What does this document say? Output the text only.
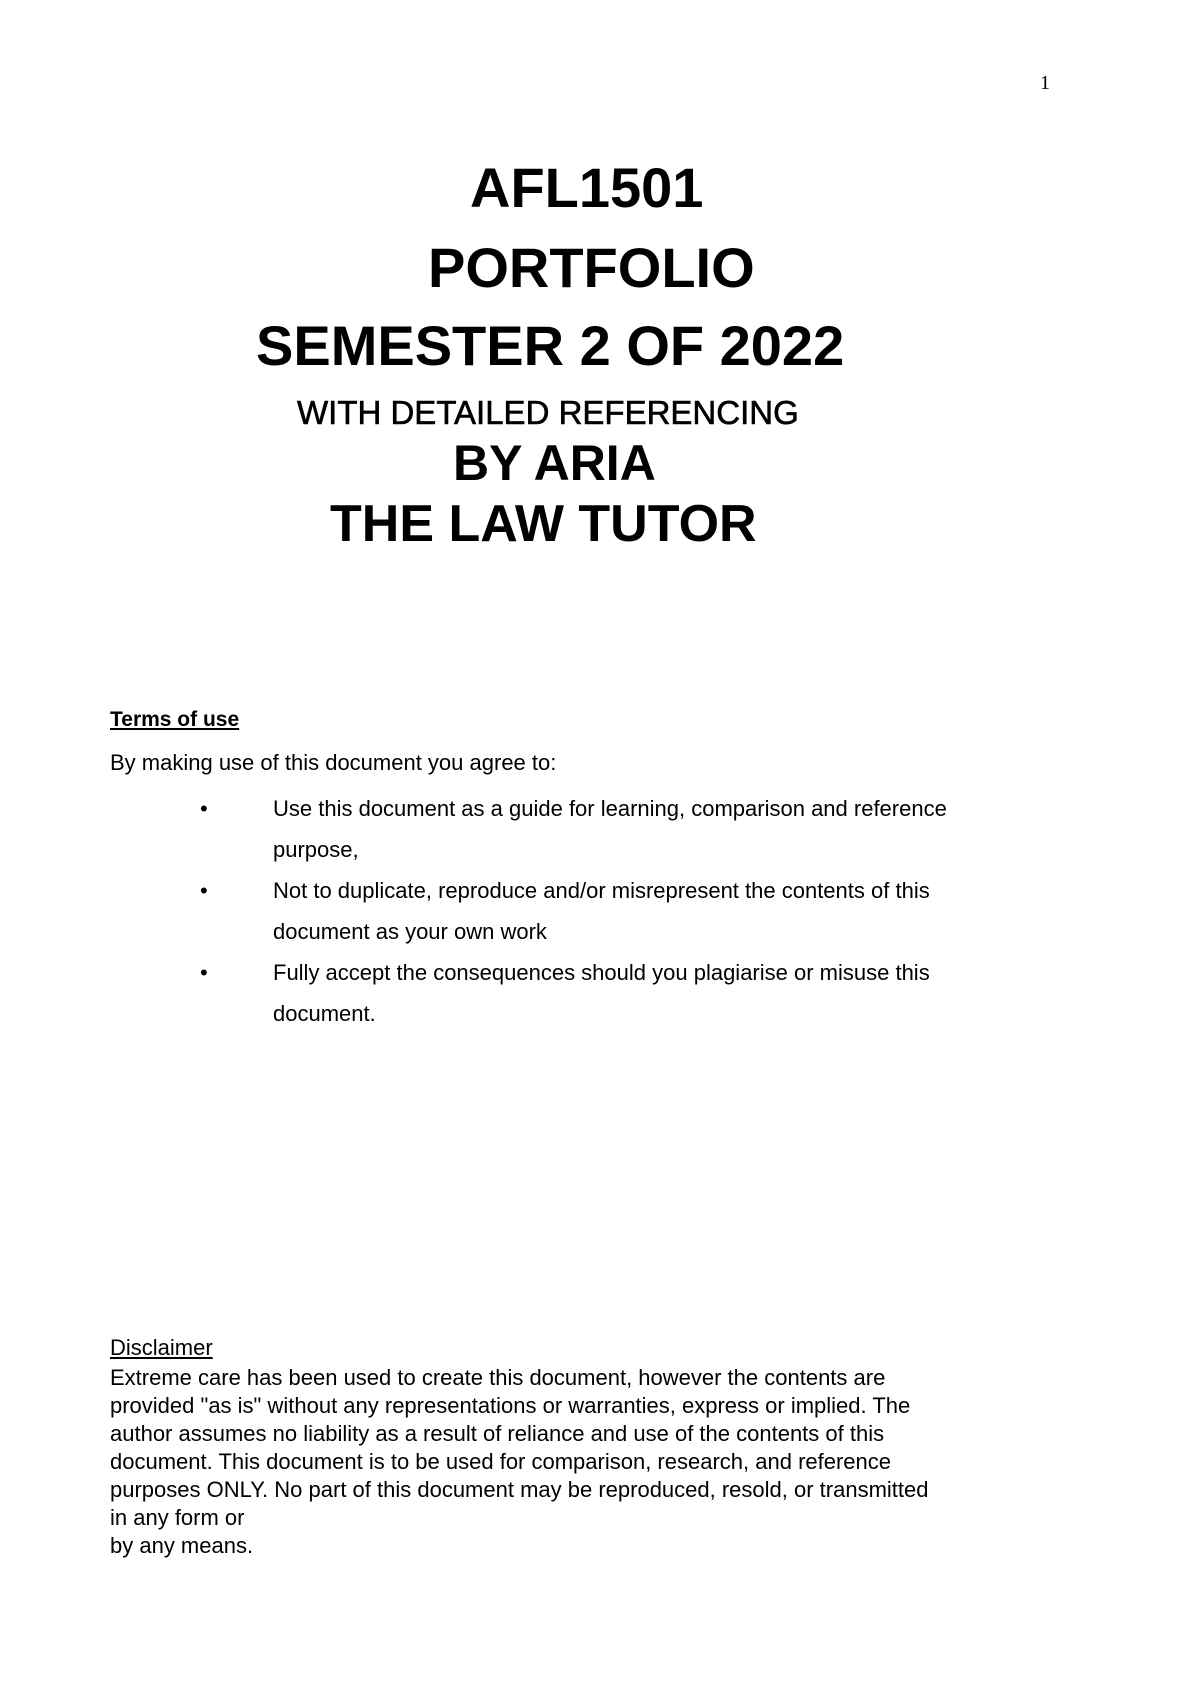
1
AFL1501
PORTFOLIO
SEMESTER 2 OF 2022
WITH DETAILED REFERENCING
BY ARIA
THE LAW TUTOR
Terms of use
By making use of this document you agree to:
•	Use this document as a guide for learning, comparison and reference purpose,
•	Not to duplicate, reproduce and/or misrepresent the contents of this document as your own work
•	Fully accept the consequences should you plagiarise or misuse this document.
Disclaimer
Extreme care has been used to create this document, however the contents are
provided "as is" without any representations or warranties, express or implied. The
author assumes no liability as a result of reliance and use of the contents of this
document. This document is to be used for comparison, research, and reference
purposes ONLY. No part of this document may be reproduced, resold, or transmitted
in any form or
by any means.
